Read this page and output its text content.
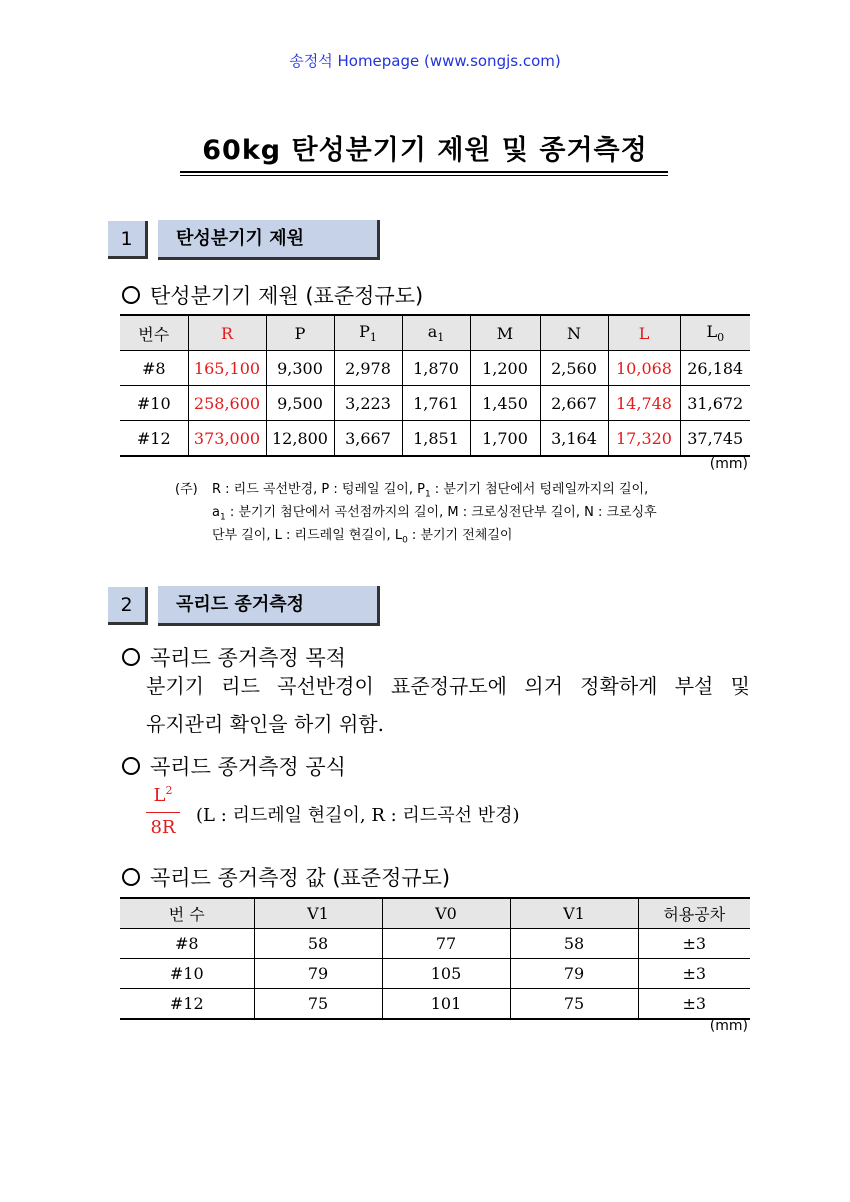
송정석 Homepage (www.songjs.com)
60kg 탄성분기기 제원 및 종거측정
1	탄성분기기 제원
탄성분기기 제원 (표준정규도)
번수	R	P	$P_1$	$a_1$	M	N	L	$L_0$
#8	165,100	9,300	2,978	1,870	1,200	2,560	10,068	26,184
#10	258,600	9,500	3,223	1,761	1,450	2,667	14,748	31,672
#12	373,000	12,800	3,667	1,851	1,700	3,164	17,320	37,745
(mm)
(주) R : 리드 곡선반경, P : 텅레일 길이, $P_1$ : 분기기 첨단에서 텅레일까지의 길이,
$a_1$ : 분기기 첨단에서 곡선점까지의 길이, M : 크로싱전단부 길이, N : 크로싱후
단부 길이, L : 리드레일 현길이, $L_0$ : 분기기 전체길이
2	곡리드 종거측정
곡리드 종거측정 목적
분기기 리드 곡선반경이 표준정규도에 의거 정확하게 부설 및
유지관리 확인을 하기 위함.
곡리드 종거측정 공식
$L^2$
8R
(L : 리드레일 현길이, R : 리드곡선 반경)
곡리드 종거측정 값 (표준정규도)
번 수	V1	V0	V1	허용공차
#8	58	77	58	±3
#10	79	105	79	±3
#12	75	101	75	±3
(mm)
